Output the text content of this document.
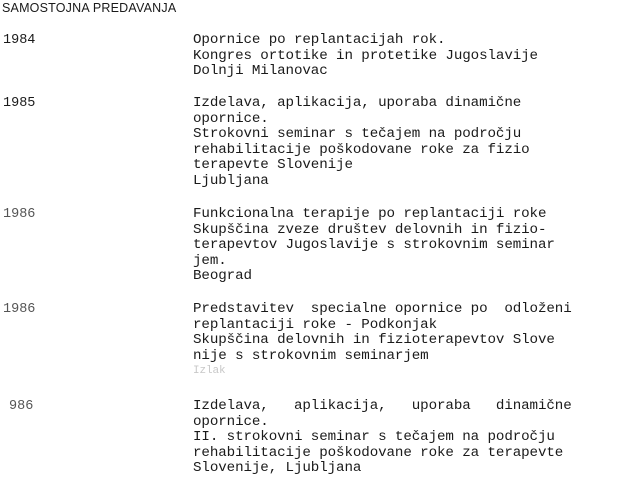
SAMOSTOJNA PREDAVANJA
1984	Opornice po replantacijah rok.
Kongres ortotike in protetike Jugoslavije
Dolnji Milanovac
1985	Izdelava, aplikacija, uporaba dinamične
opornice.
Strokovni seminar s tečajem na področju
rehabilitacije poškodovane roke za fizio
terapevte Slovenije
Ljubljana
1986	Funkcionalna terapije po replantaciji roke
Skupščina zveze društev delovnih in fizio-
terapevtov Jugoslavije s strokovnim seminar
jem.
Beograd
1986	Predstavitev  specialne opornice po  odloženi
replantaciji roke - Podkonjak
Skupščina delovnih in fizioterapevtov Slove
nije s strokovnim seminarjem
Izlak
986	Izdelava,   aplikacija,   uporaba   dinamične
opornice.
II. strokovni seminar s tečajem na področju
rehabilitacije poškodovane roke za terapevte
Slovenije, Ljubljana
